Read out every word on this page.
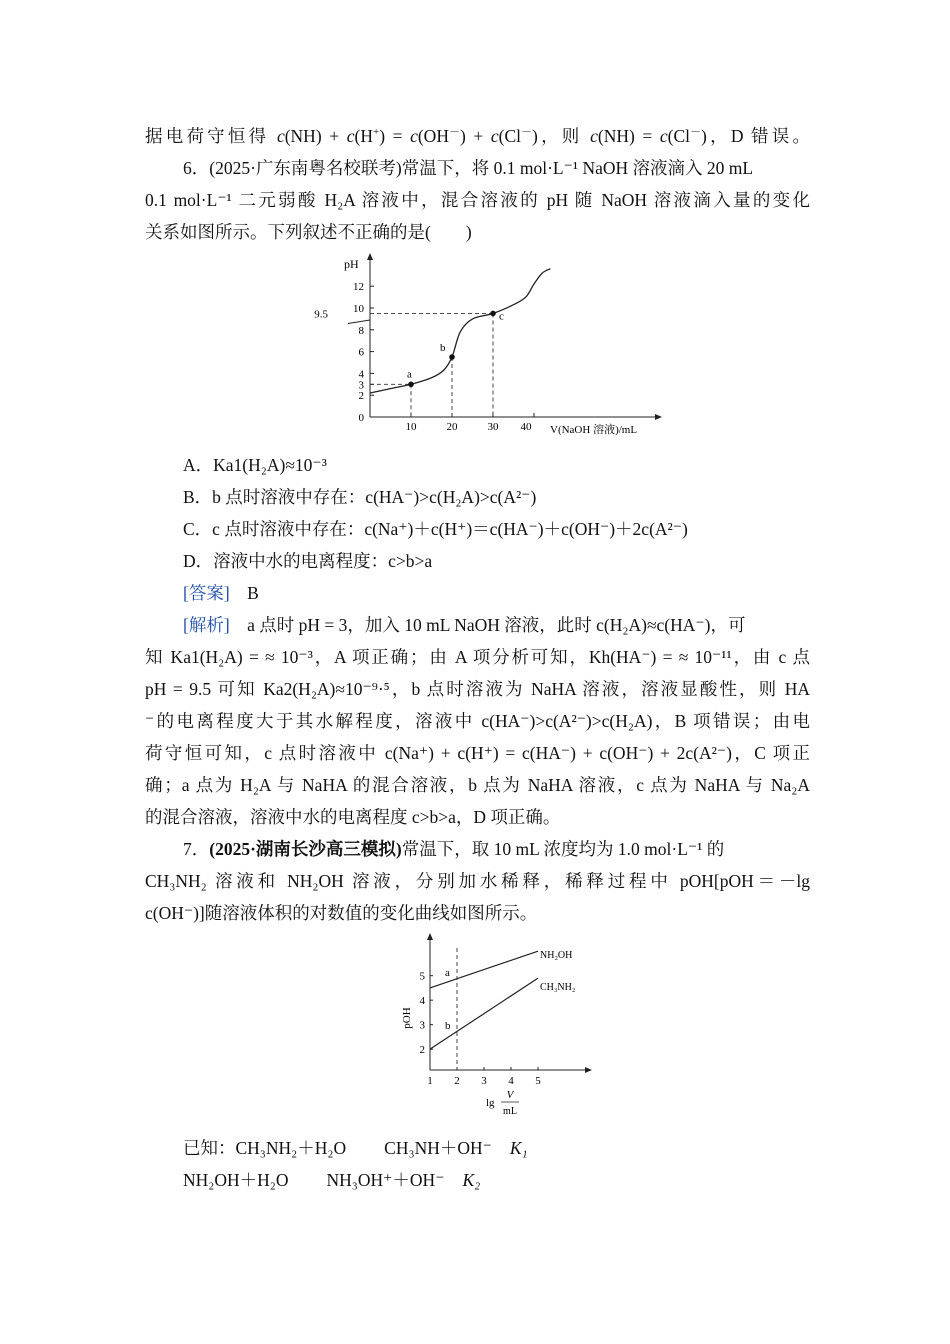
据电荷守恒得 c(NH) + c(H+) = c(OH－) + c(Cl－)，则 c(NH) = c(Cl－)，D 错误。
6．(2025·广东南粤名校联考)常温下，将 0.1 mol·L⁻¹ NaOH 溶液滴入 20 mL
0.1 mol·L⁻¹ 二元弱酸 H₂A 溶液中，混合溶液的 pH 随 NaOH 溶液滴入量的变化
关系如图所示。下列叙述不正确的是(　　)
pH
V(NaOH 溶液)/mL
0
2
3
4
6
8
9.5 10
12
10	20	30 40
a
b
c
A．Ka1(H₂A)≈10⁻³
B．b 点时溶液中存在：c(HA⁻)>c(H₂A)>c(A²⁻)
C．c 点时溶液中存在：c(Na⁺)＋c(H⁺)＝c(HA⁻)＋c(OH⁻)＋2c(A²⁻)
D．溶液中水的电离程度：c>b>a
[答案]　 B
[解析]　 a 点时 pH = 3，加入 10 mL NaOH 溶液，此时 c(H₂A)≈c(HA⁻)，可
知 Ka1(H₂A) = ≈ 10⁻³，A 项正确；由 A 项分析可知，Kh(HA⁻) = ≈ 10⁻¹¹，由 c 点
pH = 9.5 可知 Ka2(H₂A)≈10⁻⁹·⁵，b 点时溶液为 NaHA 溶液，溶液显酸性，则 HA
⁻的电离程度大于其水解程度，溶液中 c(HA⁻)>c(A²⁻)>c(H₂A)，B 项错误；由电
荷守恒可知，c 点时溶液中 c(Na⁺) + c(H⁺) = c(HA⁻) + c(OH⁻) + 2c(A²⁻)，C 项正
确；a 点为 H₂A 与 NaHA 的混合溶液，b 点为 NaHA 溶液，c 点为 NaHA 与 Na₂A
的混合溶液，溶液中水的电离程度 c>b>a，D 项正确。
7．(2025·湖南长沙高三模拟)常温下，取 10 mL 浓度均为 1.0 mol·L⁻¹ 的
CH₃NH₂ 溶液和 NH₂OH 溶液，分别加水稀释，稀释过程中 pOH[pOH＝－lg
c(OH⁻)]随溶液体积的对数值的变化曲线如图所示。
pOH
2
3
4
5
1 2 3 4 5
lg
V
mL
NH₂OH
CH₃NH₂
a
b
已知：CH₃NH₂＋H₂O CH₃NH＋OH⁻ K₁
NH₂OH＋H₂O NH₃OH⁺＋OH⁻ K₂
